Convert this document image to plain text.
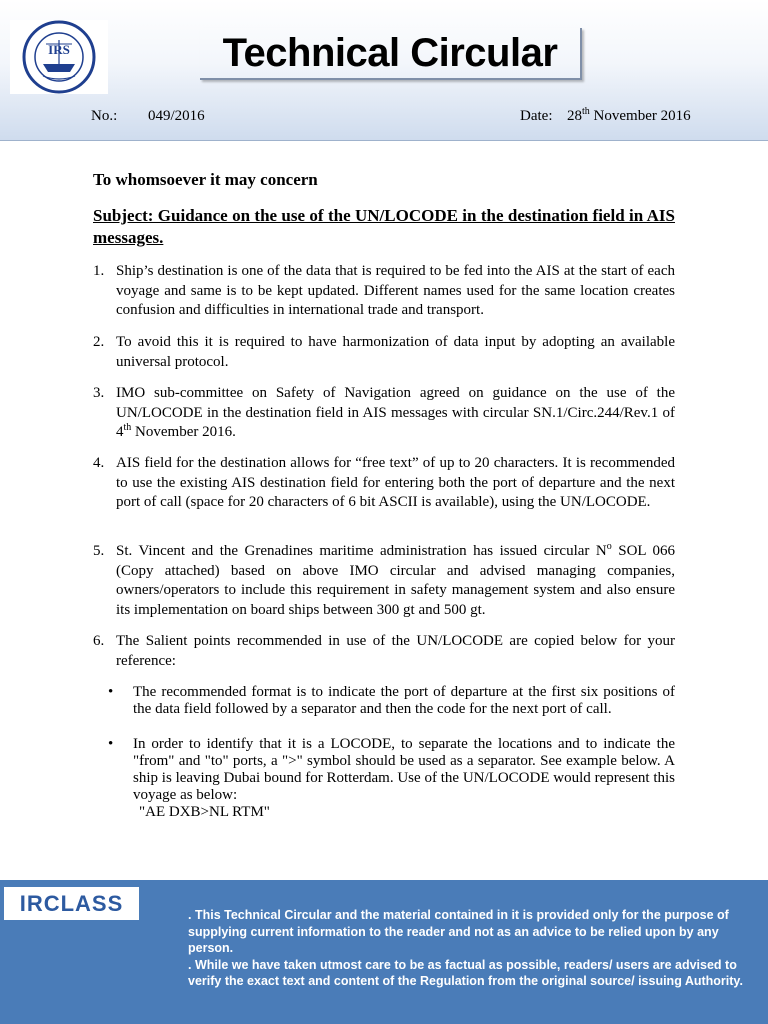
IRS	Technical Circular
No.: 049/2016	Date: 28th November 2016
To whomsoever it may concern
Subject: Guidance on the use of the UN/LOCODE in the destination field in AIS messages.
1. Ship’s destination is one of the data that is required to be fed into the AIS at the start of each voyage and same is to be kept updated. Different names used for the same location creates confusion and difficulties in international trade and transport.
2. To avoid this it is required to have harmonization of data input by adopting an available universal protocol.
3. IMO sub-committee on Safety of Navigation agreed on guidance on the use of the UN/LOCODE in the destination field in AIS messages with circular SN.1/Circ.244/Rev.1 of 4th November 2016.
4. AIS field for the destination allows for “free text” of up to 20 characters. It is recommended to use the existing AIS destination field for entering both the port of departure and the next port of call (space for 20 characters of 6 bit ASCII is available), using the UN/LOCODE.
5. St. Vincent and the Grenadines maritime administration has issued circular $N^o$ SOL 066 (Copy attached) based on above IMO circular and advised managing companies, owners/operators to include this requirement in safety management system and also ensure its implementation on board ships between 300 gt and 500 gt.
6. The Salient points recommended in use of the UN/LOCODE are copied below for your reference:
• The recommended format is to indicate the port of departure at the first six positions of the data field followed by a separator and then the code for the next port of call.
• In order to identify that it is a LOCODE, to separate the locations and to indicate the "from" and "to" ports, a ">" symbol should be used as a separator. See example below. A ship is leaving Dubai bound for Rotterdam. Use of the UN/LOCODE would represent this voyage as below:
"AE DXB>NL RTM"
IRCLASS	. This Technical Circular and the material contained in it is provided only for the purpose of supplying current information to the reader and not as an advice to be relied upon by any person.
. While we have taken utmost care to be as factual as possible, readers/ users are advised to verify the exact text and content of the Regulation from the original source/ issuing Authority.
